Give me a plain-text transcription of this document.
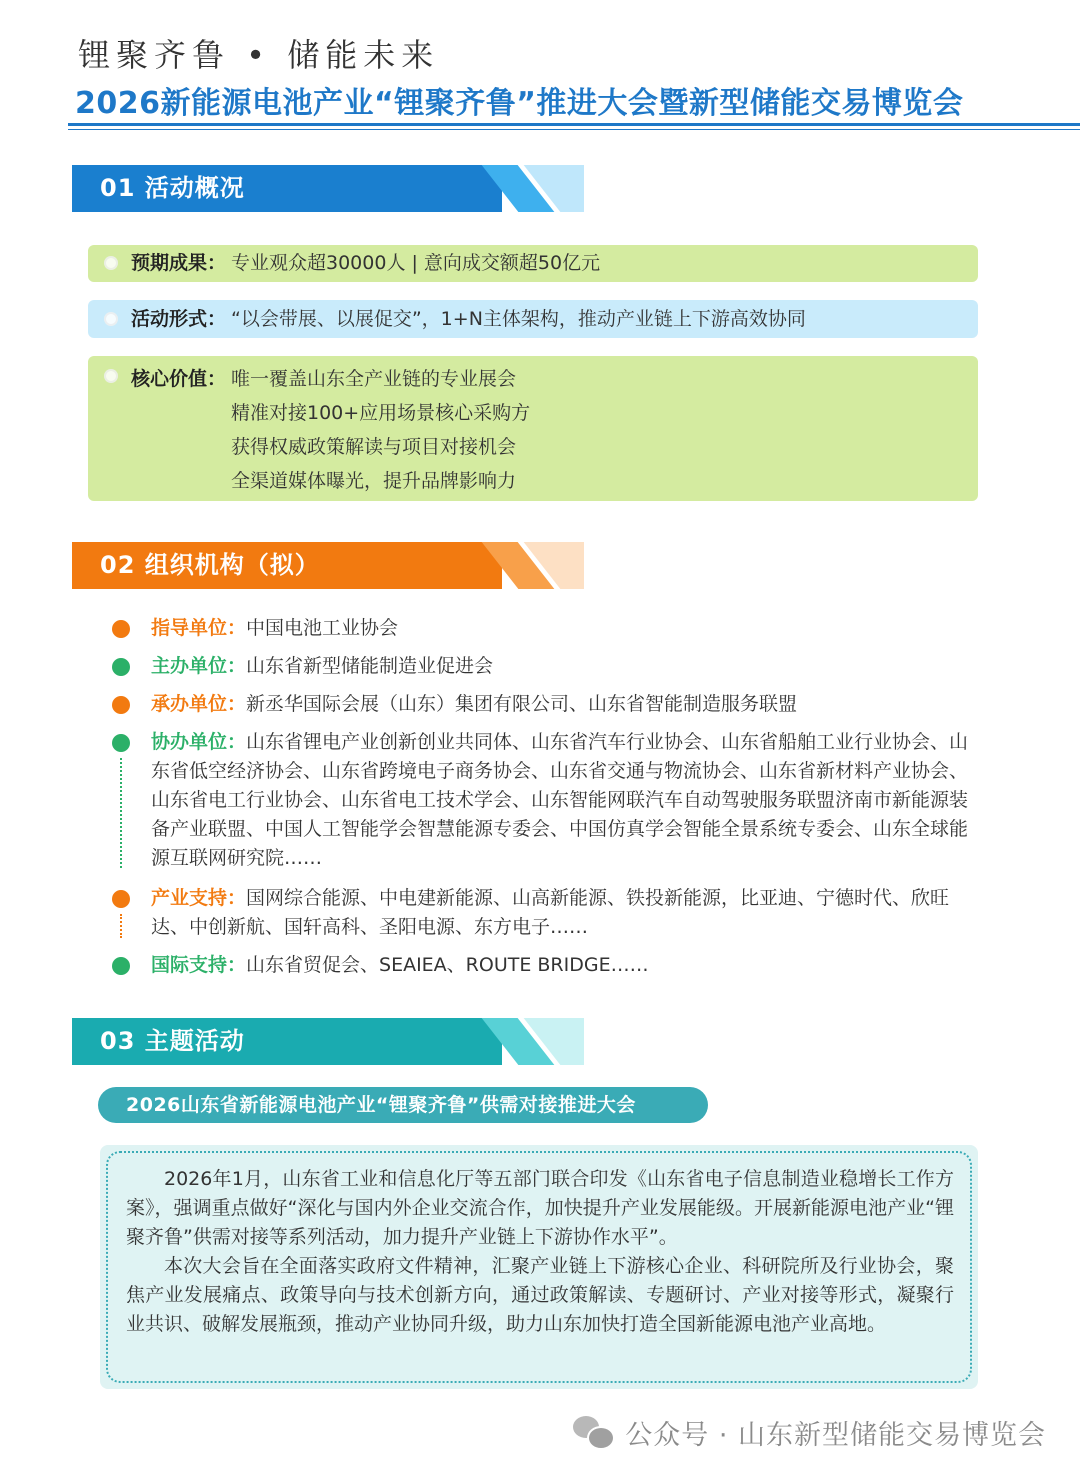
锂聚齐鲁 • 储能未来
2026新能源电池产业“锂聚齐鲁”推进大会暨新型储能交易博览会
01 活动概况
预期成果： 专业观众超30000人 | 意向成交额超50亿元
活动形式： “以会带展、以展促交”，1+N主体架构，推动产业链上下游高效协同
核心价值： 唯一覆盖山东全产业链的专业展会
精准对接100+应用场景核心采购方
获得权威政策解读与项目对接机会
全渠道媒体曝光，提升品牌影响力
02 组织机构（拟）
指导单位：中国电池工业协会
主办单位：山东省新型储能制造业促进会
承办单位：新丞华国际会展（山东）集团有限公司、山东省智能制造服务联盟
协办单位：山东省锂电产业创新创业共同体、山东省汽车行业协会、山东省船舶工业行业协会、山东省低空经济协会、山东省跨境电子商务协会、山东省交通与物流协会、山东省新材料产业协会、山东省电工行业协会、山东省电工技术学会、山东智能网联汽车自动驾驶服务联盟济南市新能源装备产业联盟、中国人工智能学会智慧能源专委会、中国仿真学会智能全景系统专委会、山东全球能源互联网研究院……
产业支持：国网综合能源、中电建新能源、山高新能源、铁投新能源，比亚迪、宁德时代、欣旺达、中创新航、国轩高科、圣阳电源、东方电子……
国际支持：山东省贸促会、SEAIEA、ROUTE BRIDGE……
03 主题活动
2026山东省新能源电池产业“锂聚齐鲁”供需对接推进大会
2026年1月，山东省工业和信息化厅等五部门联合印发《山东省电子信息制造业稳增长工作方案》，强调重点做好“深化与国内外企业交流合作，加快提升产业发展能级。开展新能源电池产业“锂聚齐鲁”供需对接等系列活动，加力提升产业链上下游协作水平”。
本次大会旨在全面落实政府文件精神，汇聚产业链上下游核心企业、科研院所及行业协会，聚焦产业发展痛点、政策导向与技术创新方向，通过政策解读、专题研讨、产业对接等形式，凝聚行业共识、破解发展瓶颈，推动产业协同升级，助力山东加快打造全国新能源电池产业高地。
公众号 · 山东新型储能交易博览会
